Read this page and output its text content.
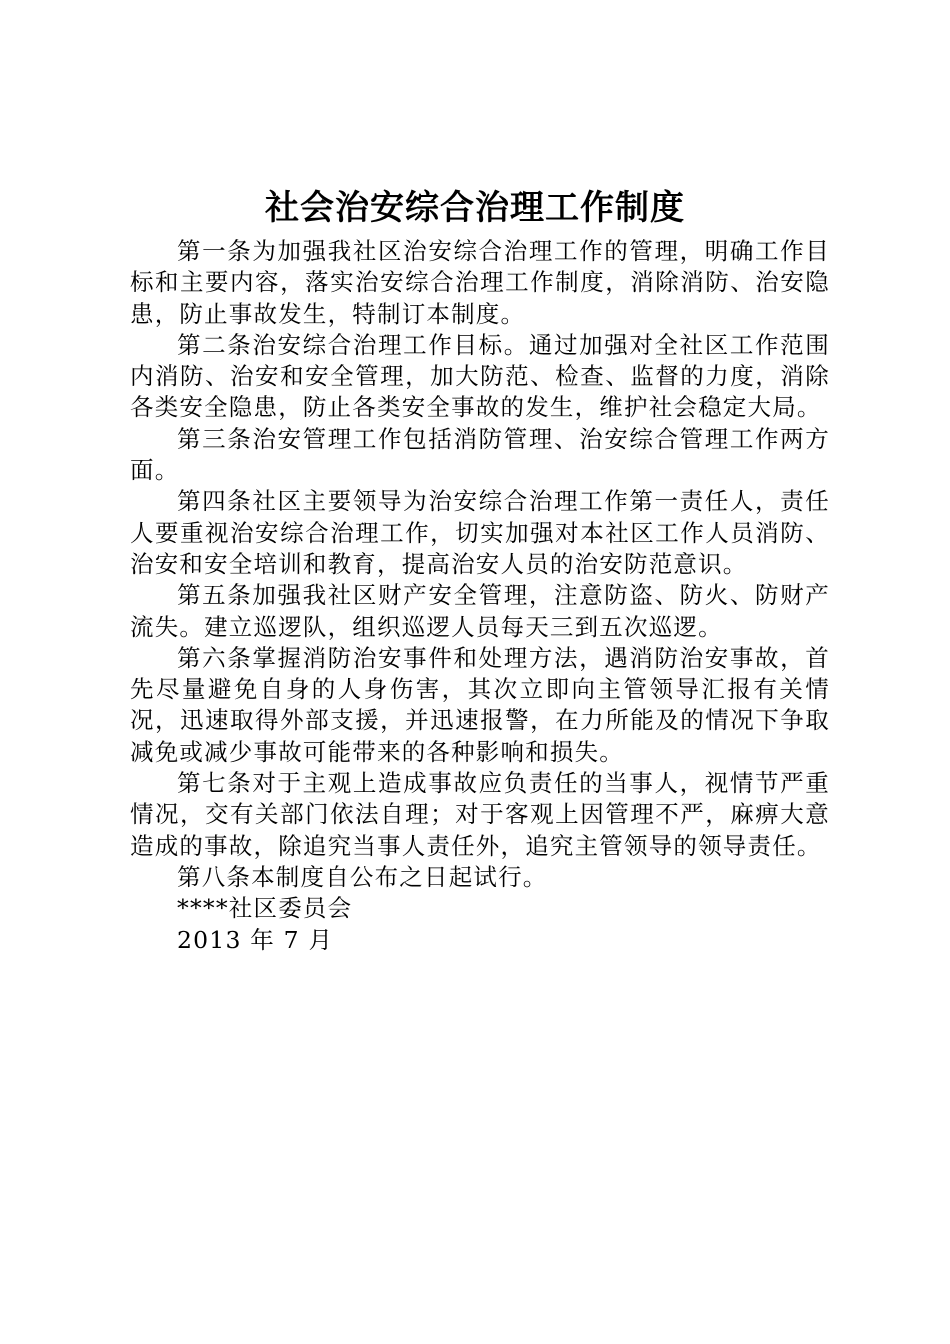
社会治安综合治理工作制度

第一条为加强我社区治安综合治理工作的管理，明确工作目标和主要内容，落实治安综合治理工作制度，消除消防、治安隐患，防止事故发生，特制订本制度。

第二条治安综合治理工作目标。通过加强对全社区工作范围内消防、治安和安全管理，加大防范、检查、监督的力度，消除各类安全隐患，防止各类安全事故的发生，维护社会稳定大局。

第三条治安管理工作包括消防管理、治安综合管理工作两方面。

第四条社区主要领导为治安综合治理工作第一责任人，责任人要重视治安综合治理工作，切实加强对本社区工作人员消防、治安和安全培训和教育，提高治安人员的治安防范意识。

第五条加强我社区财产安全管理，注意防盗、防火、防财产流失。建立巡逻队，组织巡逻人员每天三到五次巡逻。

第六条掌握消防治安事件和处理方法，遇消防治安事故，首先尽量避免自身的人身伤害，其次立即向主管领导汇报有关情况，迅速取得外部支援，并迅速报警，在力所能及的情况下争取减免或减少事故可能带来的各种影响和损失。

第七条对于主观上造成事故应负责任的当事人，视情节严重情况，交有关部门依法自理；对于客观上因管理不严，麻痹大意造成的事故，除追究当事人责任外，追究主管领导的领导责任。

第八条本制度自公布之日起试行。

****社区委员会

2013 年 7 月
